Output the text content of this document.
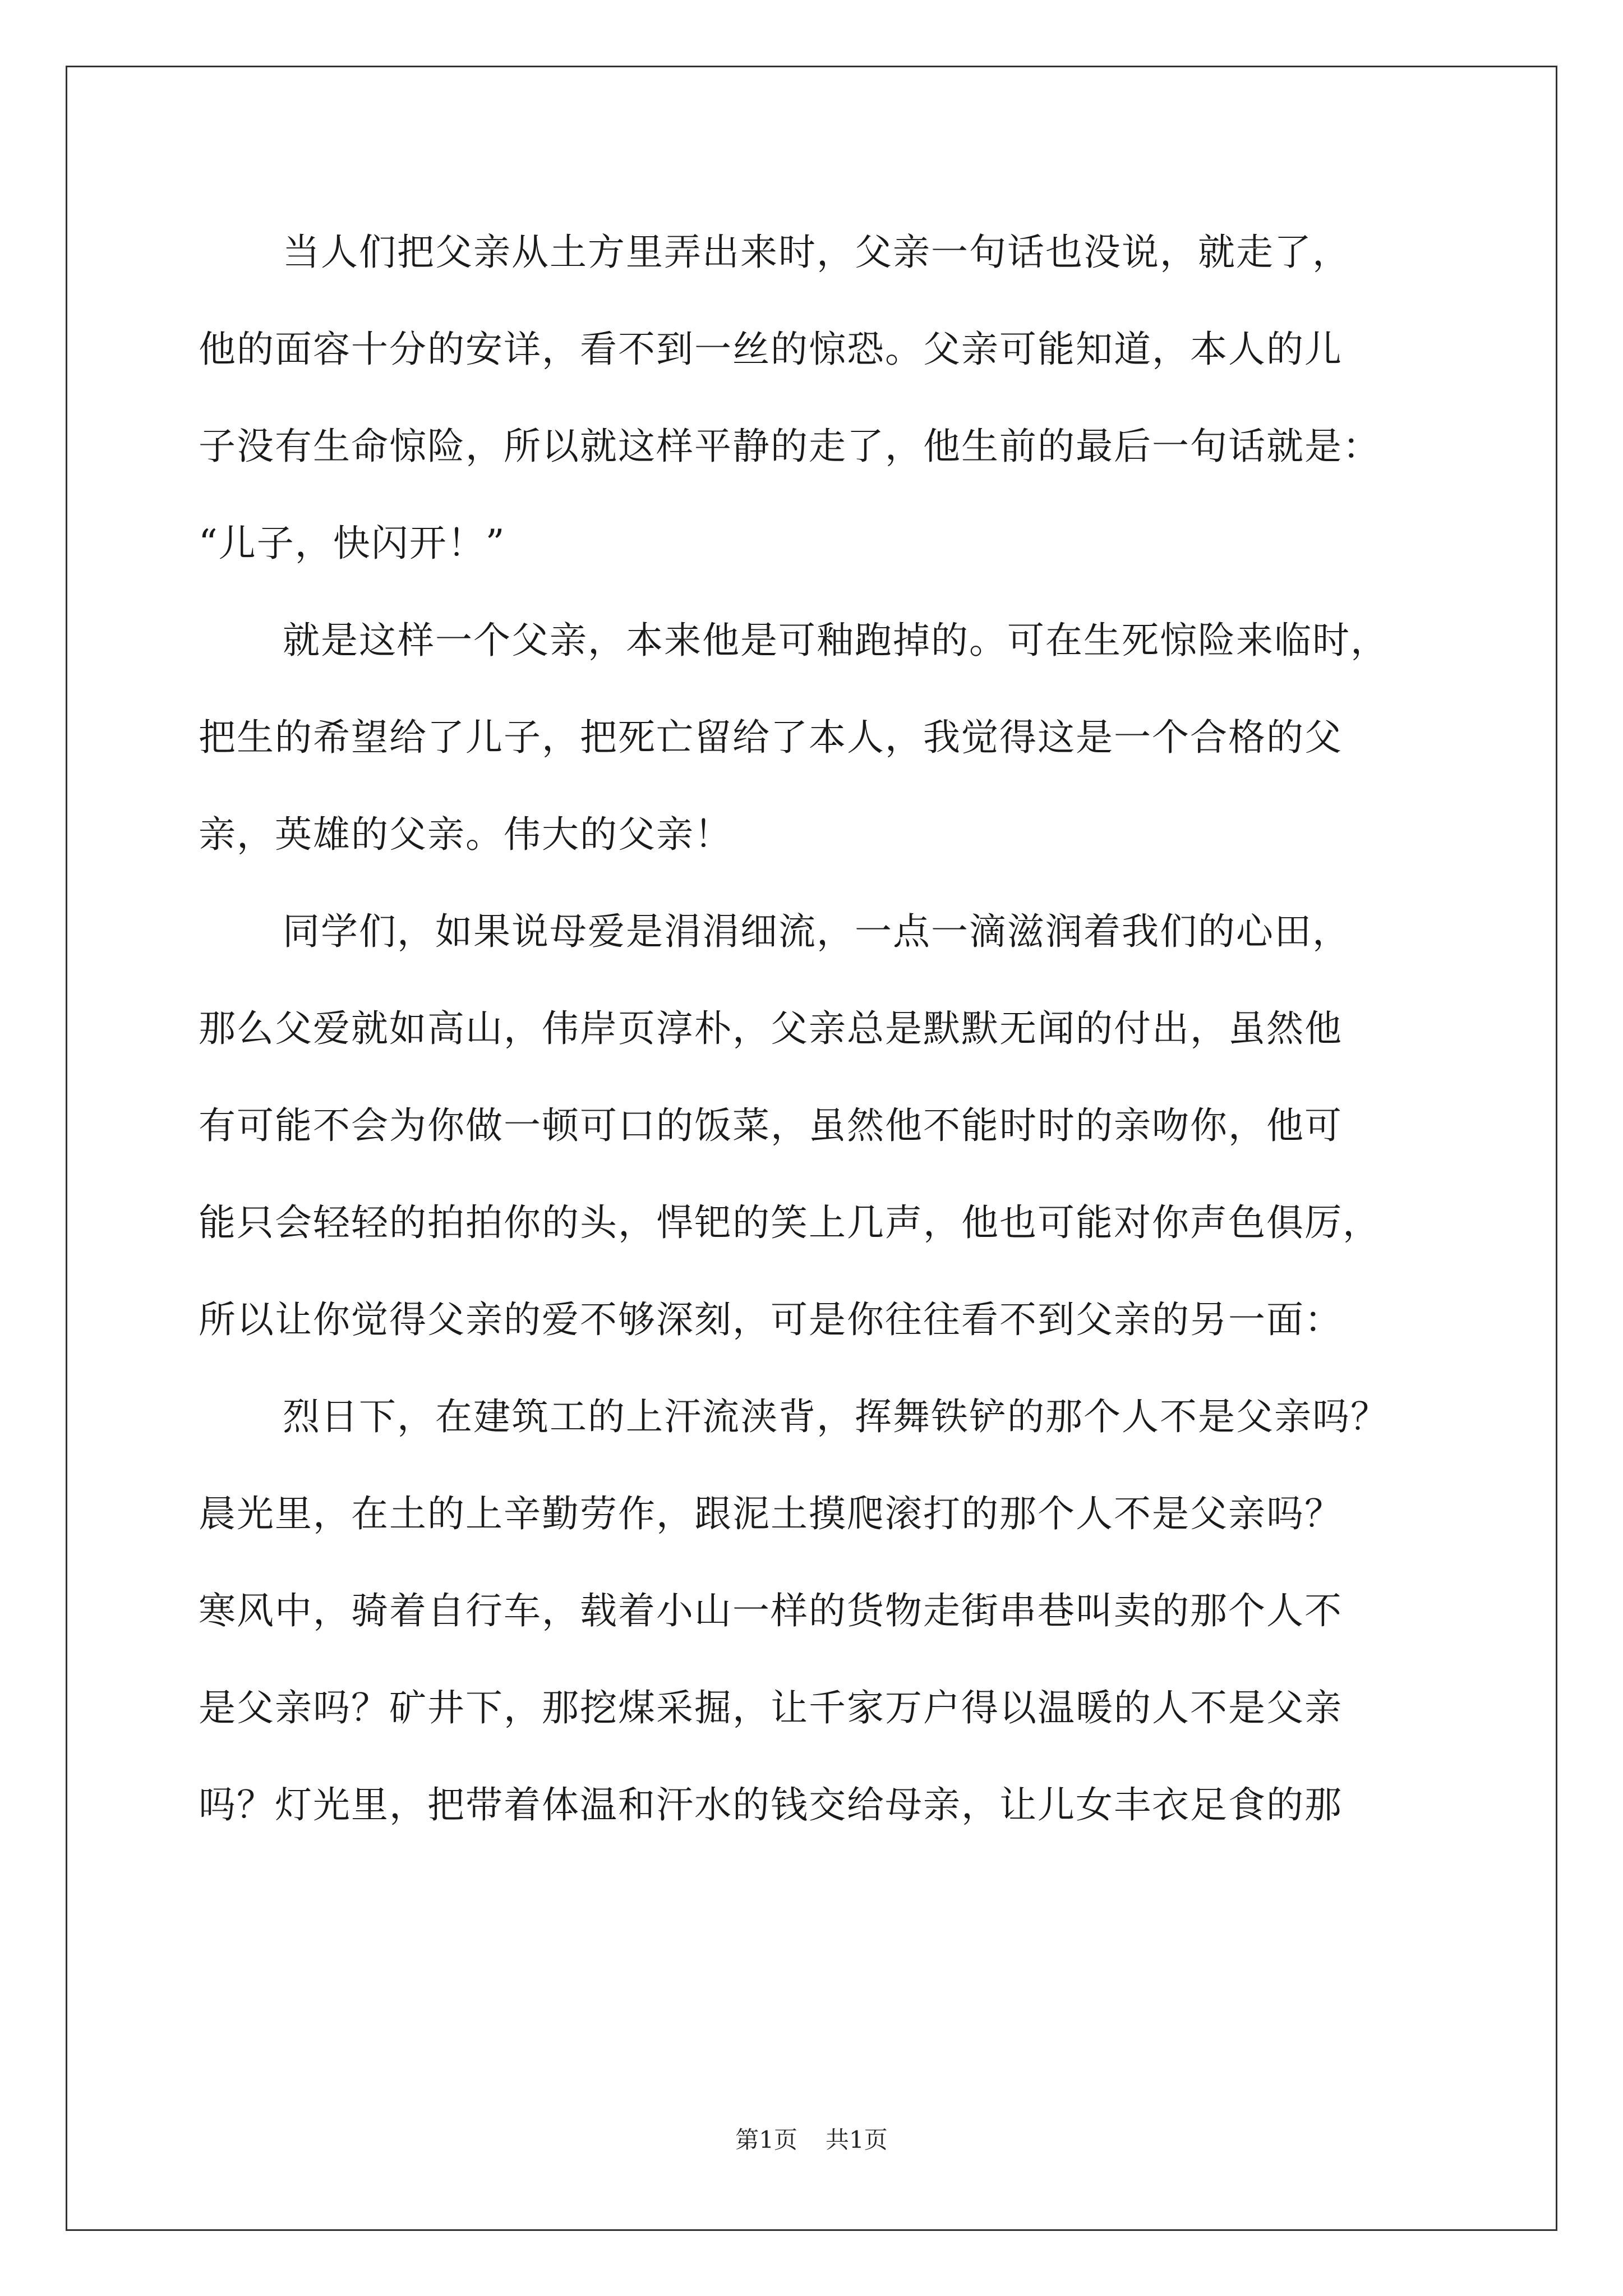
当人们把父亲从土方里弄出来时，父亲一句话也没说，就走了，
他的面容十分的安详，看不到一丝的惊恐。父亲可能知道，本人的儿
子没有生命惊险，所以就这样平静的走了，他生前的最后一句话就是：
“儿子，快闪开！”
就是这样一个父亲，本来他是可釉跑掉的。可在生死惊险来临时，
把生的希望给了儿子，把死亡留给了本人，我觉得这是一个合格的父
亲，英雄的父亲。伟大的父亲！
同学们，如果说母爱是涓涓细流，一点一滴滋润着我们的心田，
那么父爱就如高山，伟岸页淳朴，父亲总是默默无闻的付出，虽然他
有可能不会为你做一顿可口的饭菜，虽然他不能时时的亲吻你，他可
能只会轻轻的拍拍你的头，悍钯的笑上几声，他也可能对你声色俱厉，
所以让你觉得父亲的爱不够深刻，可是你往往看不到父亲的另一面：
烈日下，在建筑工的上汗流浃背，挥舞铁铲的那个人不是父亲吗？
晨光里，在土的上辛勤劳作，跟泥土摸爬滚打的那个人不是父亲吗？
寒风中，骑着自行车，载着小山一样的货物走街串巷叫卖的那个人不
是父亲吗？矿井下，那挖煤采掘，让千家万户得以温暖的人不是父亲
吗？灯光里，把带着体温和汗水的钱交给母亲，让儿女丰衣足食的那
第1页 共1页
